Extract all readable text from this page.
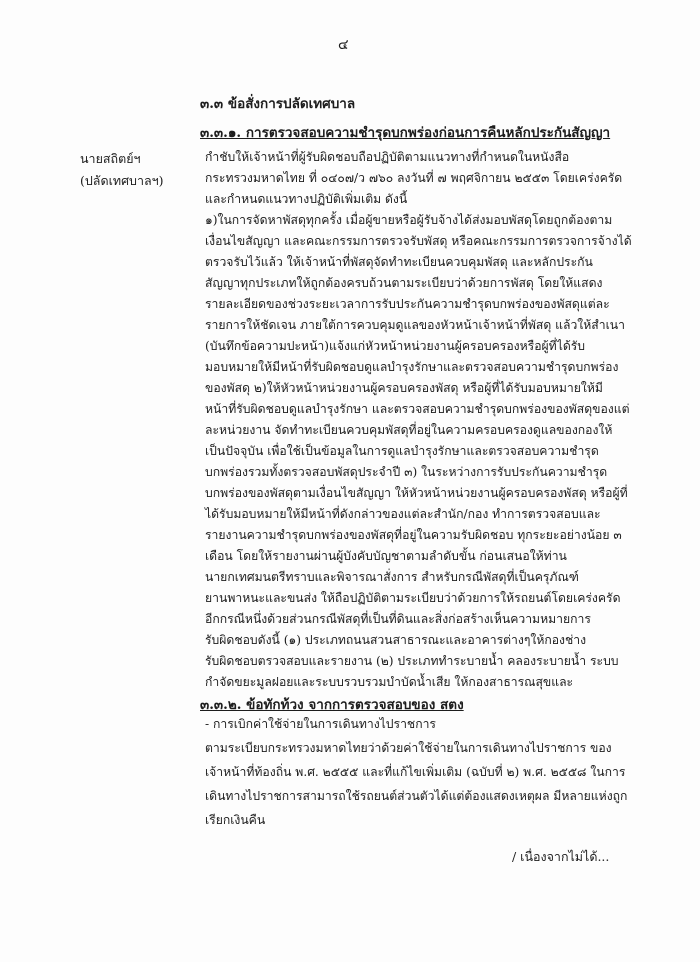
๔
๓.๓ ข้อสั่งการปลัดเทศบาล
๓.๓.๑. การตรวจสอบความชำรุดบกพร่องก่อนการคืนหลักประกันสัญญา
นายสถิตย์ฯ
(ปลัดเทศบาลฯ)
กำชับให้เจ้าหน้าที่ผู้รับผิดชอบถือปฏิบัติตามแนวทางที่กำหนดในหนังสือ
กระทรวงมหาดไทย ที่ ๐๔๐๗/ว ๗๖๐ ลงวันที่ ๗ พฤศจิกายน ๒๕๕๓ โดยเคร่งครัด
และกำหนดแนวทางปฏิบัติเพิ่มเติม ดังนี้
๑)ในการจัดหาพัสดุทุกครั้ง เมื่อผู้ขายหรือผู้รับจ้างได้ส่งมอบพัสดุโดยถูกต้องตาม
เงื่อนไขสัญญา และคณะกรรมการตรวจรับพัสดุ หรือคณะกรรมการตรวจการจ้างได้
ตรวจรับไว้แล้ว ให้เจ้าหน้าที่พัสดุจัดทำทะเบียนควบคุมพัสดุ และหลักประกัน
สัญญาทุกประเภทให้ถูกต้องครบถ้วนตามระเบียบว่าด้วยการพัสดุ โดยให้แสดง
รายละเอียดของช่วงระยะเวลาการรับประกันความชำรุดบกพร่องของพัสดุแต่ละ
รายการให้ชัดเจน ภายใต้การควบคุมดูแลของหัวหน้าเจ้าหน้าที่พัสดุ แล้วให้สำเนา
(บันทึกข้อความปะหน้า)แจ้งแก่หัวหน้าหน่วยงานผู้ครอบครองหรือผู้ที่ได้รับ
มอบหมายให้มีหน้าที่รับผิดชอบดูแลบำรุงรักษาและตรวจสอบความชำรุดบกพร่อง
ของพัสดุ ๒)ให้หัวหน้าหน่วยงานผู้ครอบครองพัสดุ หรือผู้ที่ได้รับมอบหมายให้มี
หน้าที่รับผิดชอบดูแลบำรุงรักษา และตรวจสอบความชำรุดบกพร่องของพัสดุของแต่
ละหน่วยงาน จัดทำทะเบียนควบคุมพัสดุที่อยู่ในความครอบครองดูแลของกองให้
เป็นปัจจุบัน เพื่อใช้เป็นข้อมูลในการดูแลบำรุงรักษาและตรวจสอบความชำรุด
บกพร่องรวมทั้งตรวจสอบพัสดุประจำปี ๓) ในระหว่างการรับประกันความชำรุด
บกพร่องของพัสดุตามเงื่อนไขสัญญา ให้หัวหน้าหน่วยงานผู้ครอบครองพัสดุ หรือผู้ที่
ได้รับมอบหมายให้มีหน้าที่ดังกล่าวของแต่ละสำนัก/กอง ทำการตรวจสอบและ
รายงานความชำรุดบกพร่องของพัสดุที่อยู่ในความรับผิดชอบ ทุกระยะอย่างน้อย ๓
เดือน โดยให้รายงานผ่านผู้บังคับบัญชาตามลำดับขั้น ก่อนเสนอให้ท่าน
นายกเทศมนตรีทราบและพิจารณาสั่งการ สำหรับกรณีพัสดุที่เป็นครุภัณฑ์
ยานพาหนะและขนส่ง ให้ถือปฏิบัติตามระเบียบว่าด้วยการให้รถยนต์โดยเคร่งครัด
อีกกรณีหนึ่งด้วยส่วนกรณีพัสดุที่เป็นที่ดินและสิ่งก่อสร้างเห็นความหมายการ
รับผิดชอบดังนี้ (๑) ประเภทถนนสวนสาธารณะและอาคารต่างๆให้กองช่าง
รับผิดชอบตรวจสอบและรายงาน (๒) ประเภททำระบายน้ำ คลองระบายน้ำ ระบบ
กำจัดขยะมูลฝอยและระบบรวบรวมบำบัดน้ำเสีย ให้กองสาธารณสุขและ
๓.๓.๒. ข้อทักท้วง จากการตรวจสอบของ สตง
- การเบิกค่าใช้จ่ายในการเดินทางไปราชการ
ตามระเบียบกระทรวงมหาดไทยว่าด้วยค่าใช้จ่ายในการเดินทางไปราชการ ของ
เจ้าหน้าที่ท้องถิ่น พ.ศ. ๒๕๕๕ และที่แก้ไขเพิ่มเติม (ฉบับที่ ๒) พ.ศ. ๒๕๕๘ ในการ
เดินทางไปราชการสามารถใช้รถยนต์ส่วนตัวได้แต่ต้องแสดงเหตุผล มีหลายแห่งถูก
เรียกเงินคืน
/ เนื่องจากไม่ได้...
